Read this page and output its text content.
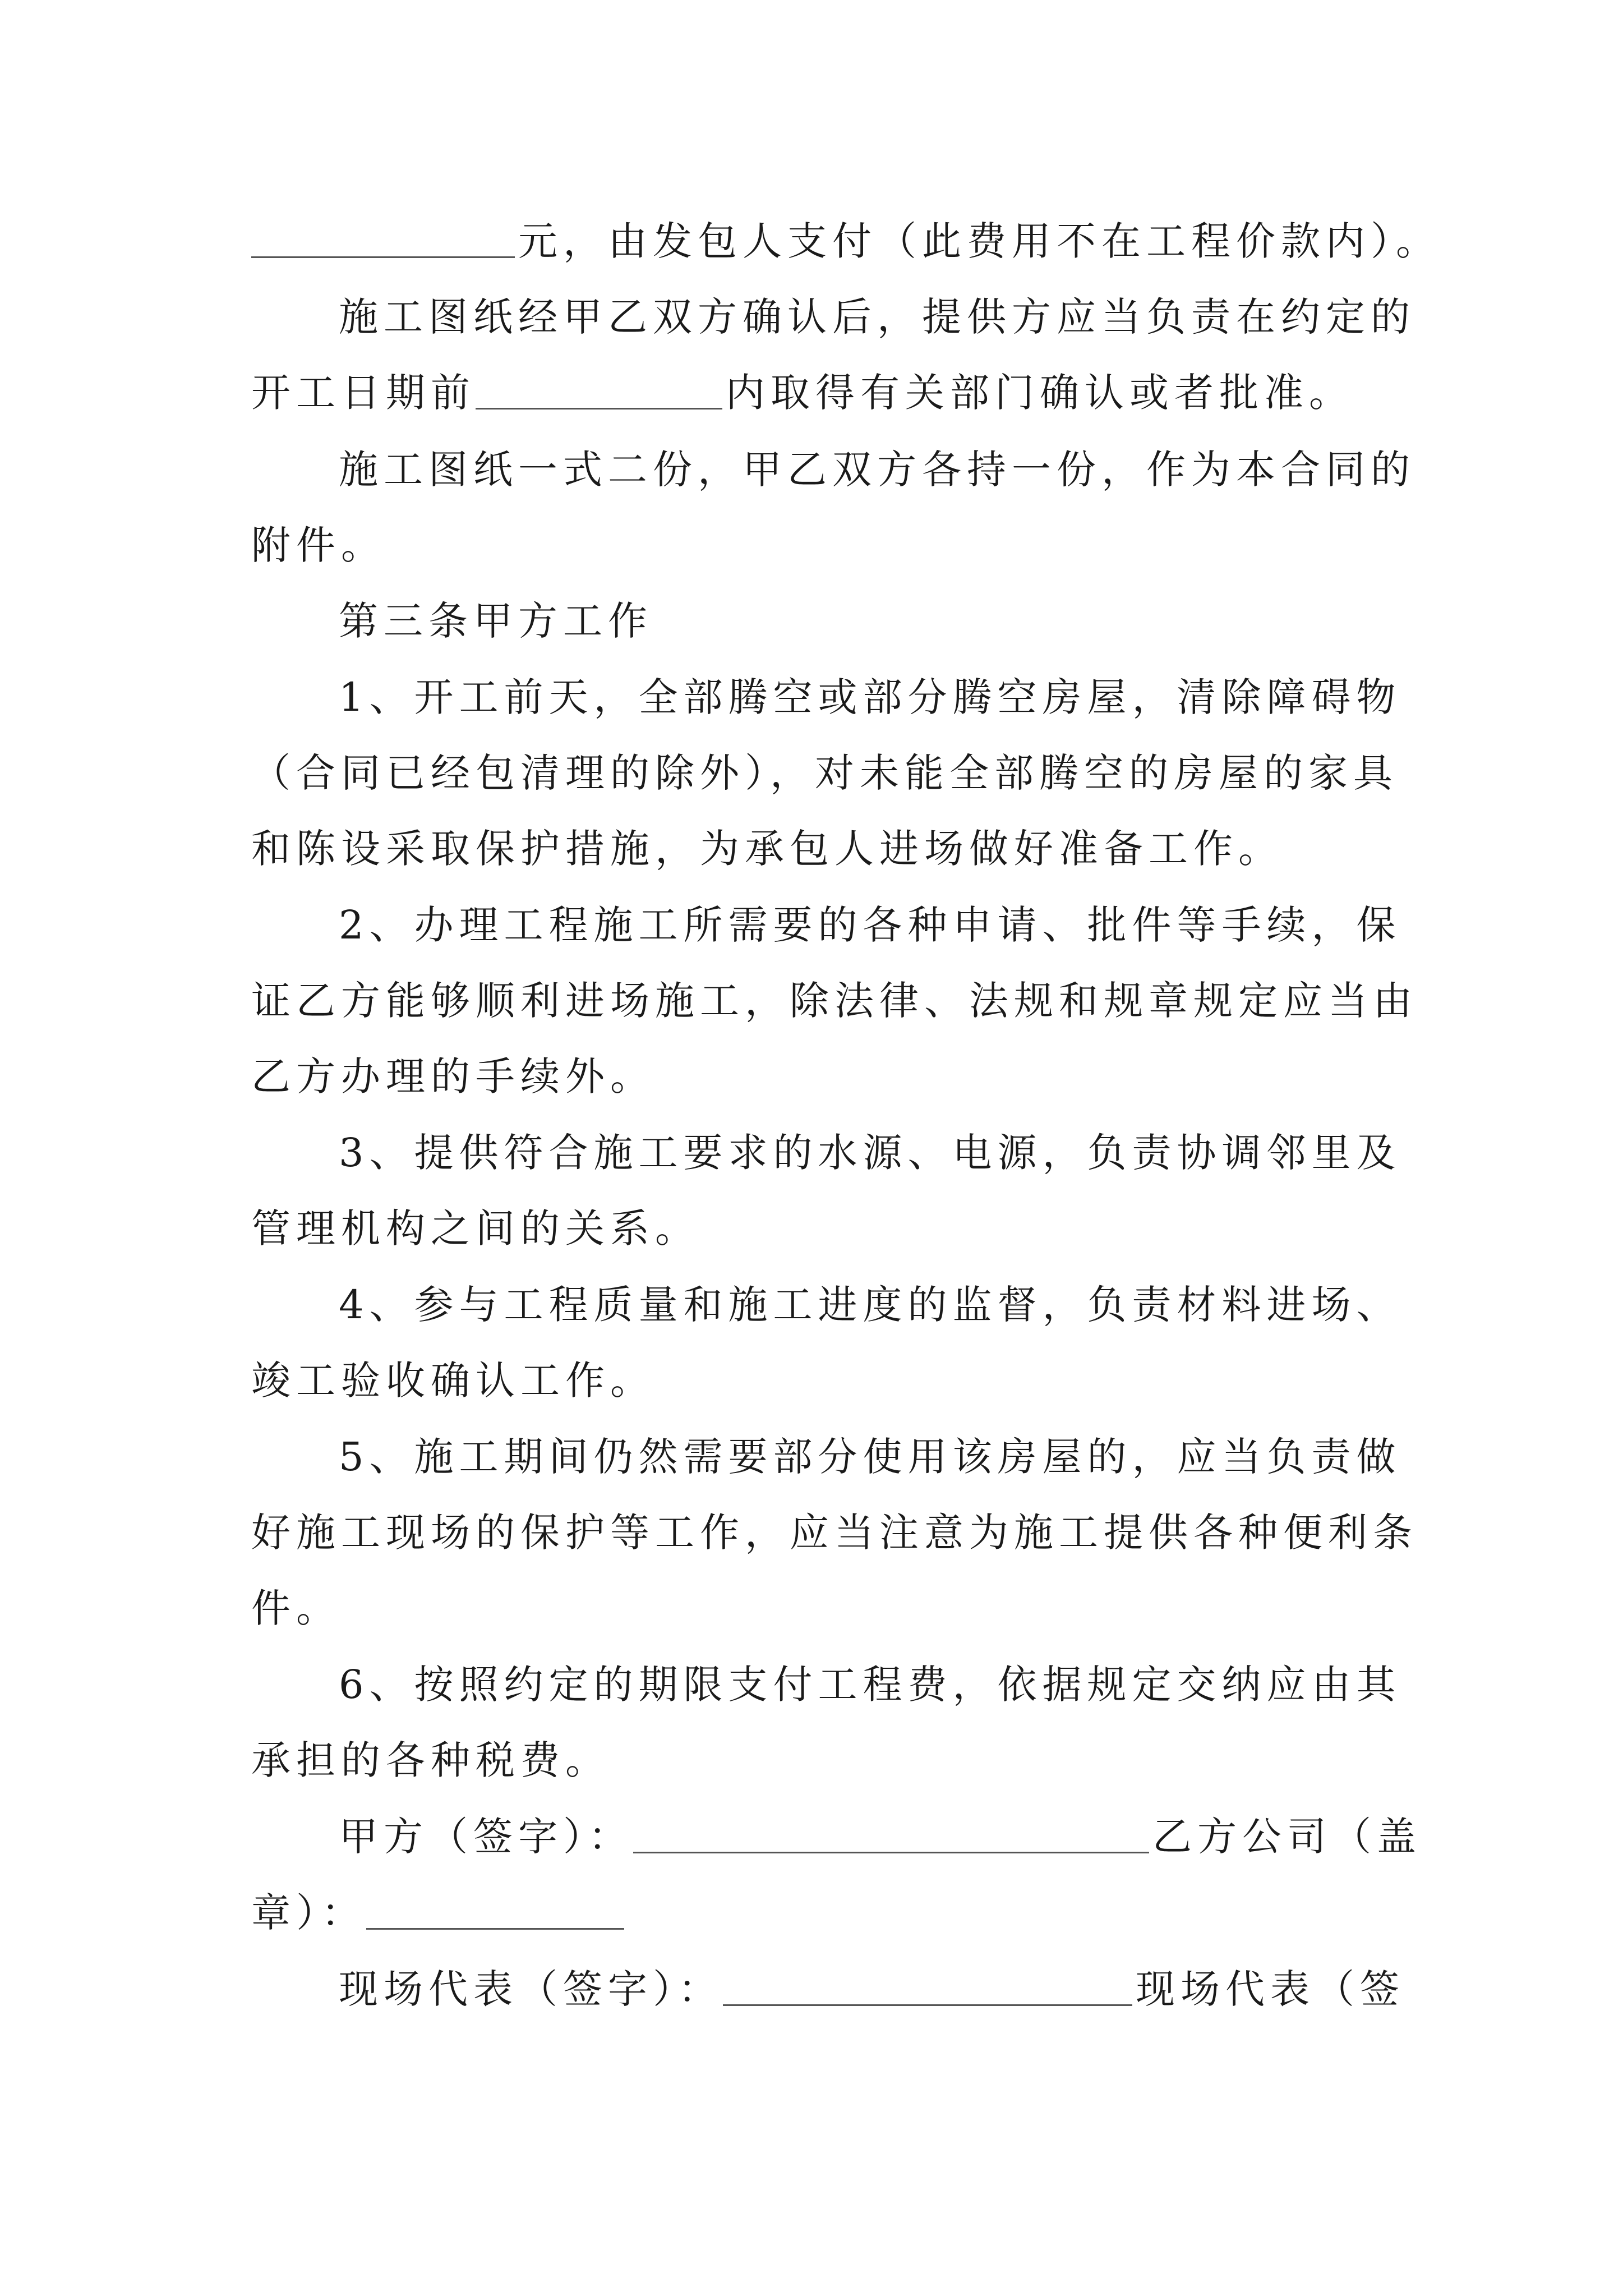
元，由发包人支付（此费用不在工程价款内）。
施工图纸经甲乙双方确认后，提供方应当负责在约定的
开工日期前	内取得有关部门确认或者批准。
施工图纸一式二份，甲乙双方各持一份，作为本合同的
附件。
第三条甲方工作
1、开工前天，全部腾空或部分腾空房屋，清除障碍物
（合同已经包清理的除外），对未能全部腾空的房屋的家具
和陈设采取保护措施，为承包人进场做好准备工作。
2、办理工程施工所需要的各种申请、批件等手续，保
证乙方能够顺利进场施工，除法律、法规和规章规定应当由
乙方办理的手续外。
3、提供符合施工要求的水源、电源，负责协调邻里及
管理机构之间的关系。
4、参与工程质量和施工进度的监督，负责材料进场、
竣工验收确认工作。
5、施工期间仍然需要部分使用该房屋的，应当负责做
好施工现场的保护等工作，应当注意为施工提供各种便利条
件。
6、按照约定的期限支付工程费，依据规定交纳应由其
承担的各种税费。
甲方（签字）：	乙方公司（盖
章）：
现场代表（签字）：	现场代表（签
